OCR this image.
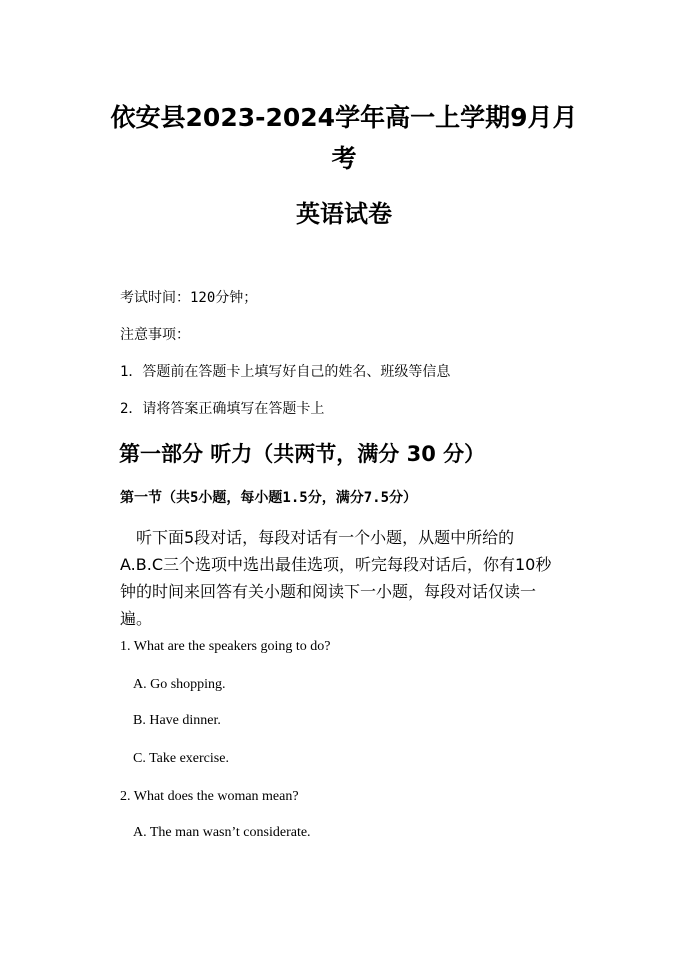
依安县2023-2024学年高一上学期9月月
考
英语试卷
考试时间：120分钟；
注意事项：
1．答题前在答题卡上填写好自己的姓名、班级等信息
2．请将答案正确填写在答题卡上
第一部分 听力（共两节，满分 30 分）
第一节（共5小题，每小题1.5分，满分7.5分）
　听下面5段对话，每段对话有一个小题，从题中所给的
A.B.C三个选项中选出最佳选项，听完每段对话后，你有10秒
钟的时间来回答有关小题和阅读下一小题，每段对话仅读一
遍。
1. What are the speakers going to do?
A. Go shopping.
B. Have dinner.
C. Take exercise.
2. What does the woman mean?
A. The man wasn’t considerate.
